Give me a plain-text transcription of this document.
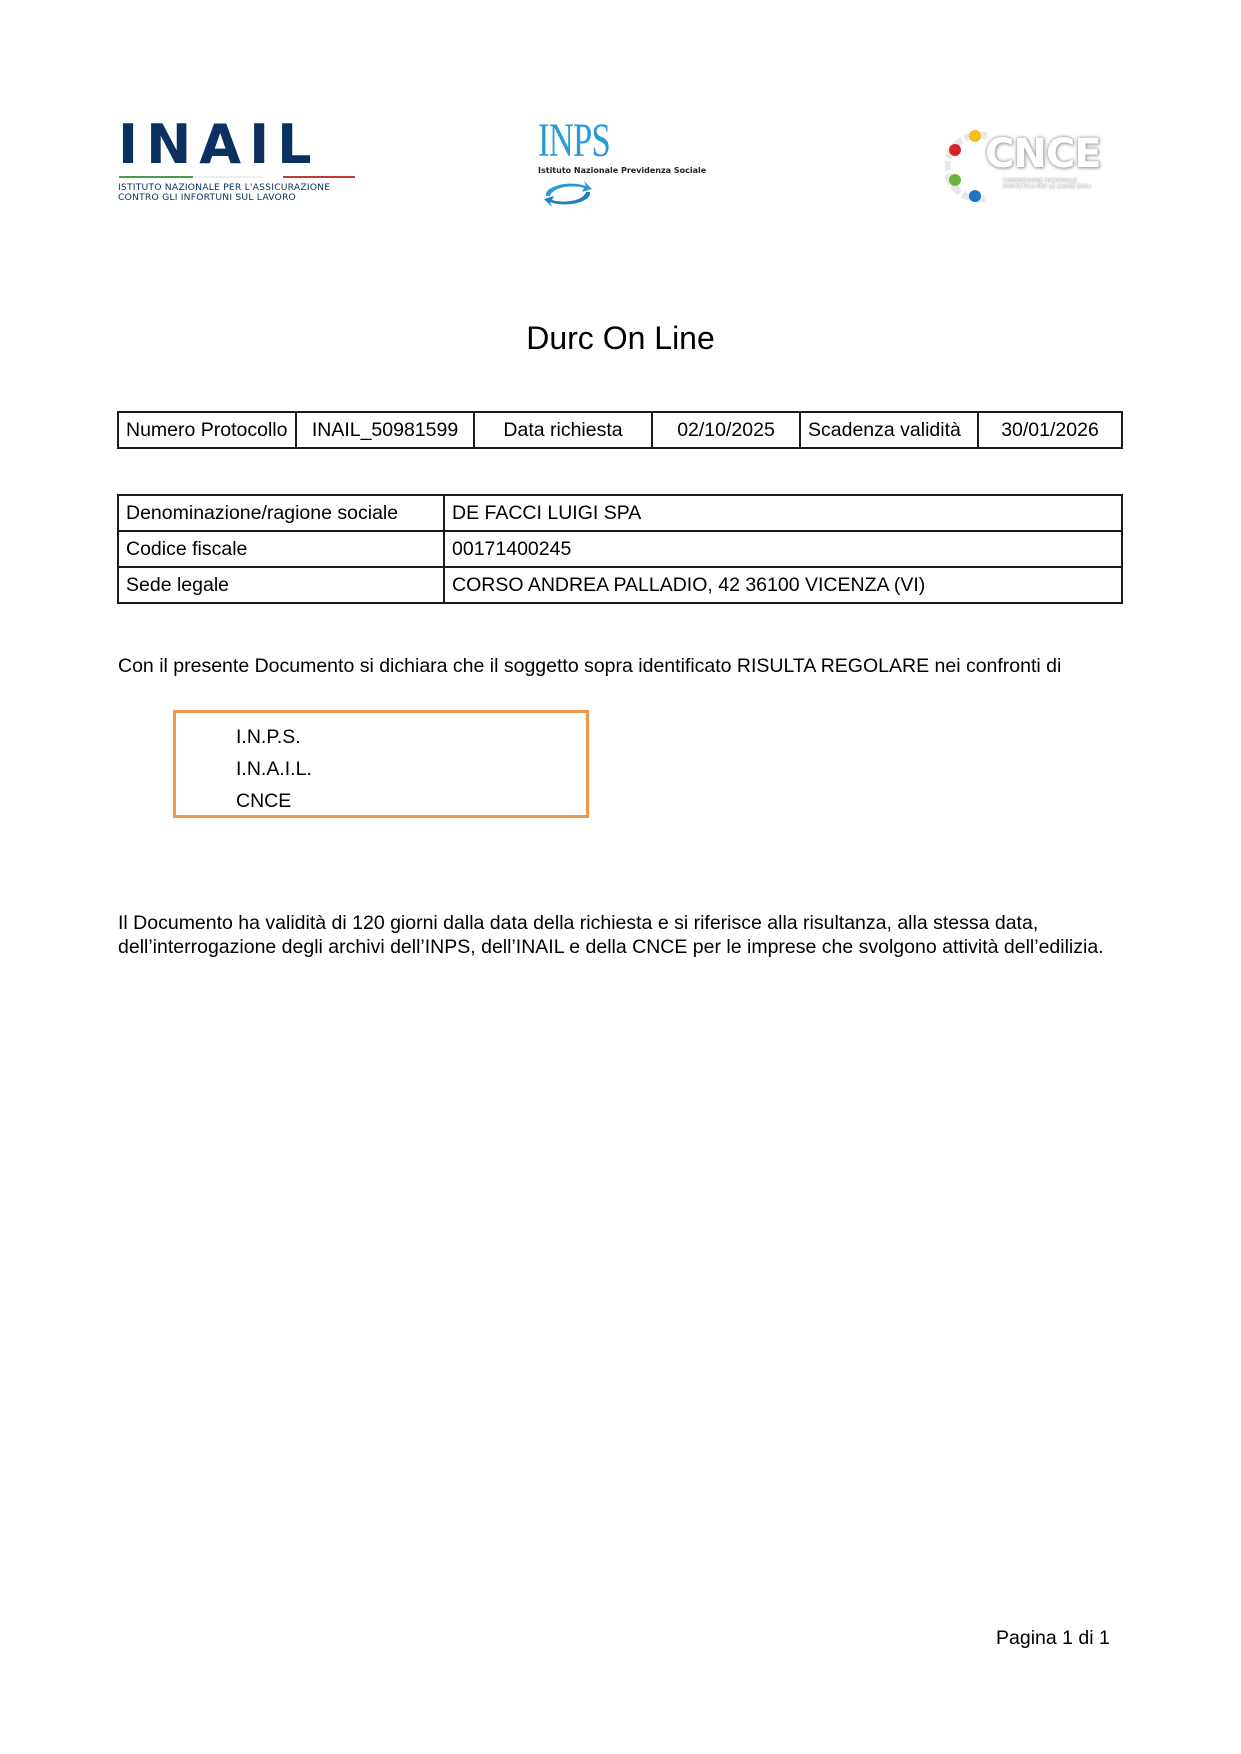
INAIL
ISTITUTO NAZIONALE PER L'ASSICURAZIONE
CONTRO GLI INFORTUNI SUL LAVORO
INPS
Istituto Nazionale Previdenza Sociale	CNCE
COMMISSIONE NAZIONALE
PARITETICA PER LE CASSE EDILI
Durc On Line
Numero Protocollo	INAIL_50981599	Data richiesta	02/10/2025	Scadenza validità	30/01/2026
Denominazione/ragione sociale	DE FACCI LUIGI SPA
Codice fiscale	00171400245
Sede legale	CORSO ANDREA PALLADIO, 42 36100 VICENZA (VI)
Con il presente Documento si dichiara che il soggetto sopra identificato RISULTA REGOLARE nei confronti di
I.N.P.S.
I.N.A.I.L.
CNCE
Il Documento ha validità di 120 giorni dalla data della richiesta e si riferisce alla risultanza, alla stessa data,
dell’interrogazione degli archivi dell’INPS, dell’INAIL e della CNCE per le imprese che svolgono attività dell’edilizia.
Pagina 1 di 1
